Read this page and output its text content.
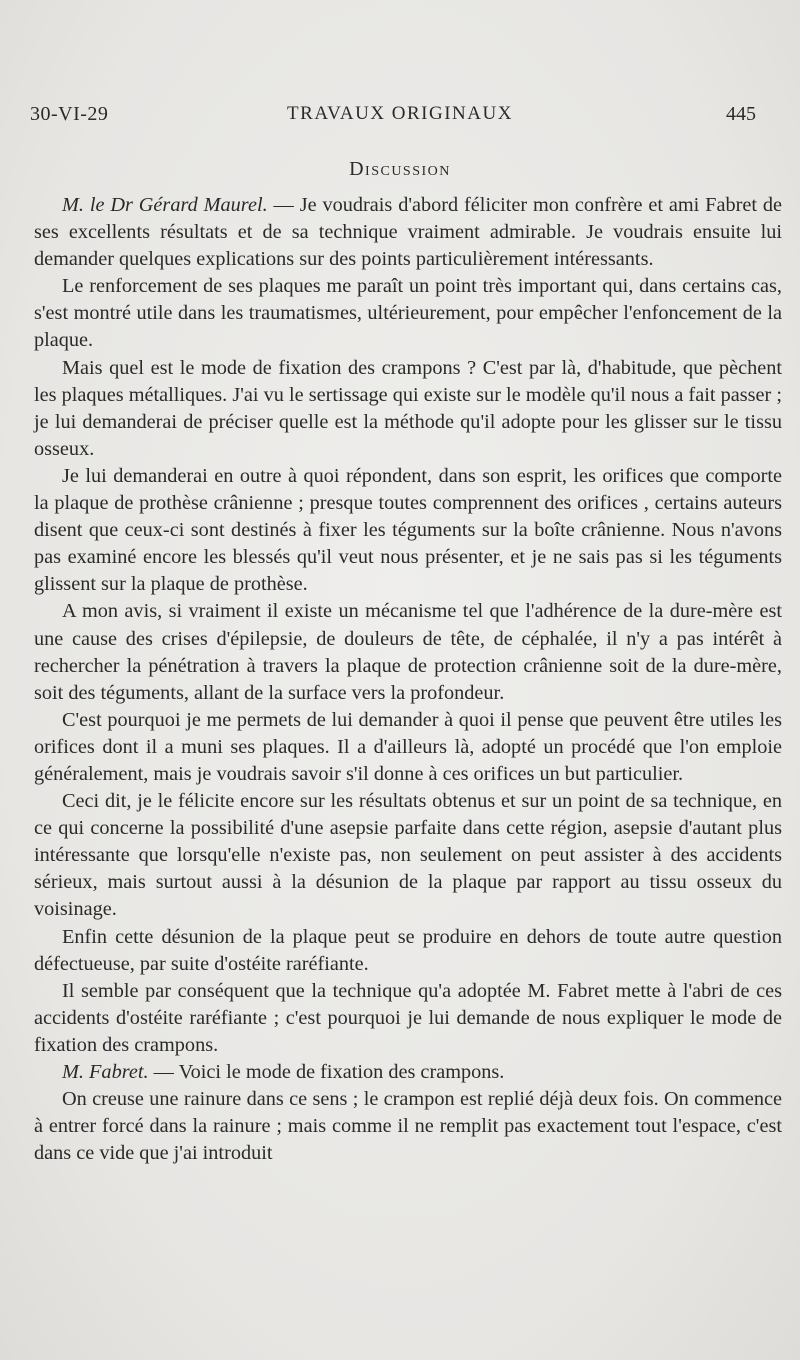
30-VI-29	TRAVAUX ORIGINAUX	445
Discussion

M. le Dr Gérard Maurel. — Je voudrais d'abord féliciter mon confrère et ami Fabret de ses excellents résultats et de sa technique vraiment admirable. Je voudrais ensuite lui demander quelques explications sur des points particulièrement intéressants.

Le renforcement de ses plaques me paraît un point très important qui, dans certains cas, s'est montré utile dans les traumatismes, ultérieurement, pour empêcher l'enfoncement de la plaque.

Mais quel est le mode de fixation des crampons ? C'est par là, d'habitude, que pèchent les plaques métalliques. J'ai vu le sertissage qui existe sur le modèle qu'il nous a fait passer ; je lui demanderai de préciser quelle est la méthode qu'il adopte pour les glisser sur le tissu osseux.

Je lui demanderai en outre à quoi répondent, dans son esprit, les orifices que comporte la plaque de prothèse crânienne ; presque toutes comprennent des orifices , certains auteurs disent que ceux-ci sont destinés à fixer les téguments sur la boîte crânienne. Nous n'avons pas examiné encore les blessés qu'il veut nous présenter, et je ne sais pas si les téguments glissent sur la plaque de prothèse.

A mon avis, si vraiment il existe un mécanisme tel que l'adhérence de la dure-mère est une cause des crises d'épilepsie, de douleurs de tête, de céphalée, il n'y a pas intérêt à rechercher la pénétration à travers la plaque de protection crânienne soit de la dure-mère, soit des téguments, allant de la surface vers la profondeur.

C'est pourquoi je me permets de lui demander à quoi il pense que peuvent être utiles les orifices dont il a muni ses plaques. Il a d'ailleurs là, adopté un procédé que l'on emploie généralement, mais je voudrais savoir s'il donne à ces orifices un but particulier.

Ceci dit, je le félicite encore sur les résultats obtenus et sur un point de sa technique, en ce qui concerne la possibilité d'une asepsie parfaite dans cette région, asepsie d'autant plus intéressante que lorsqu'elle n'existe pas, non seulement on peut assister à des accidents sérieux, mais surtout aussi à la désunion de la plaque par rapport au tissu osseux du voisinage.

Enfin cette désunion de la plaque peut se produire en dehors de toute autre question défectueuse, par suite d'ostéite raréfiante.

Il semble par conséquent que la technique qu'a adoptée M. Fabret mette à l'abri de ces accidents d'ostéite raréfiante ; c'est pourquoi je lui demande de nous expliquer le mode de fixation des crampons.

M. Fabret. — Voici le mode de fixation des crampons.

On creuse une rainure dans ce sens ; le crampon est replié déjà deux fois. On commence à entrer forcé dans la rainure ; mais comme il ne remplit pas exactement tout l'espace, c'est dans ce vide que j'ai introduit
